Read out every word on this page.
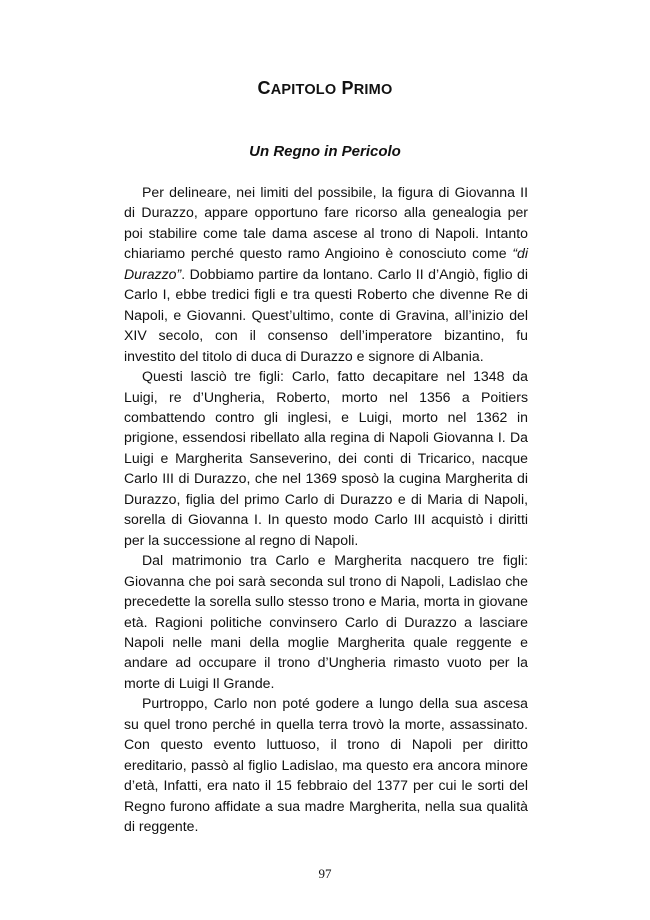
CAPITOLO PRIMO
Un Regno in Pericolo

Per delineare, nei limiti del possibile, la figura di Giovanna II di Durazzo, appare opportuno fare ricorso alla genealogia per poi stabilire come tale dama ascese al trono di Napoli. Intanto chiariamo perché questo ramo Angioino è conosciuto come “di Durazzo”. Dobbiamo partire da lontano. Carlo II d’Angiò, figlio di Carlo I, ebbe tredici figli e tra questi Roberto che divenne Re di Napoli, e Giovanni. Quest’ultimo, conte di Gravina, all’inizio del XIV secolo, con il consenso dell’imperatore bizantino, fu investito del titolo di duca di Durazzo e signore di Albania.

Questi lasciò tre figli: Carlo, fatto decapitare nel 1348 da Luigi, re d’Ungheria, Roberto, morto nel 1356 a Poitiers combattendo contro gli inglesi, e Luigi, morto nel 1362 in prigione, essendosi ribellato alla regina di Napoli Giovanna I. Da Luigi e Margherita Sanseverino, dei conti di Tricarico, nacque Carlo III di Durazzo, che nel 1369 sposò la cugina Margherita di Durazzo, figlia del primo Carlo di Durazzo e di Maria di Napoli, sorella di Giovanna I. In questo modo Carlo III acquistò i diritti per la successione al regno di Napoli.

Dal matrimonio tra Carlo e Margherita nacquero tre figli: Giovanna che poi sarà seconda sul trono di Napoli, Ladislao che precedette la sorella sullo stesso trono e Maria, morta in giovane età. Ragioni politiche convinsero Carlo di Durazzo a lasciare Napoli nelle mani della moglie Margherita quale reggente e andare ad occupare il trono d’Ungheria rimasto vuoto per la morte di Luigi Il Grande.

Purtroppo, Carlo non poté godere a lungo della sua ascesa su quel trono perché in quella terra trovò la morte, assassinato. Con questo evento luttuoso, il trono di Napoli per diritto ereditario, passò al figlio Ladislao, ma questo era ancora minore d’età, Infatti, era nato il 15 febbraio del 1377 per cui le sorti del Regno furono affidate a sua madre Margherita, nella sua qualità di reggente.

97
